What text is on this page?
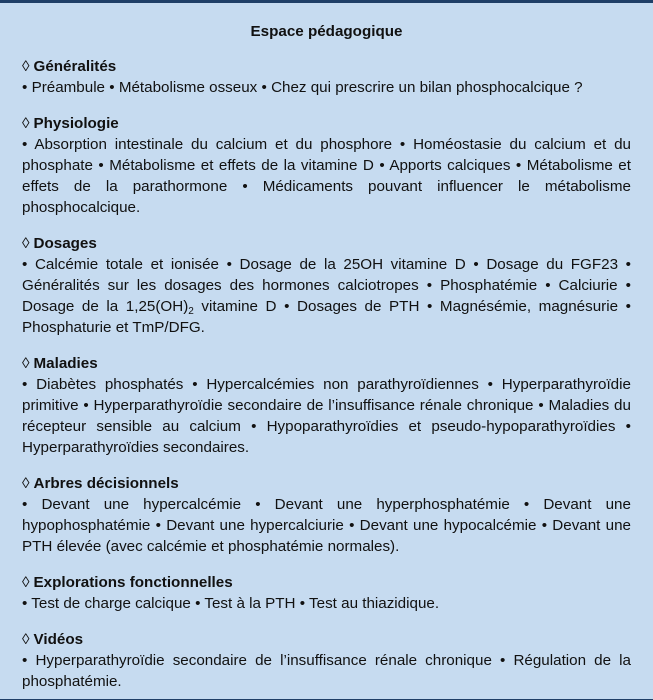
Espace pédagogique
◊ Généralités
• Préambule • Métabolisme osseux • Chez qui prescrire un bilan phosphocalcique ?
◊ Physiologie
• Absorption intestinale du calcium et du phosphore • Homéostasie du calcium et du phosphate • Métabolisme et effets de la vitamine D • Apports calciques • Métabolisme et effets de la parathormone • Médicaments pouvant influencer le métabolisme phosphocalcique.
◊ Dosages
• Calcémie totale et ionisée • Dosage de la 25OH vitamine D • Dosage du FGF23 • Généralités sur les dosages des hormones calciotropes • Phosphatémie • Calciurie • Dosage de la $1,25(OH)_2$ vitamine D • Dosages de PTH • Magnésémie, magnésurie • Phosphaturie et TmP/DFG.
◊ Maladies
• Diabètes phosphatés • Hypercalcémies non parathyroïdiennes • Hyperparathyroïdie primitive • Hyperparathyroïdie secondaire de l’insuffisance rénale chronique • Maladies du récepteur sensible au calcium • Hypoparathyroïdies et pseudo-hypoparathyroïdies • Hyperparathyroïdies secondaires.
◊ Arbres décisionnels
• Devant une hypercalcémie • Devant une hyperphosphatémie • Devant une hypophosphatémie • Devant une hypercalciurie • Devant une hypocalcémie • Devant une PTH élevée (avec calcémie et phosphatémie normales).
◊ Explorations fonctionnelles
• Test de charge calcique • Test à la PTH • Test au thiazidique.
◊ Vidéos
• Hyperparathyroïdie secondaire de l’insuffisance rénale chronique • Régulation de la phosphatémie.
